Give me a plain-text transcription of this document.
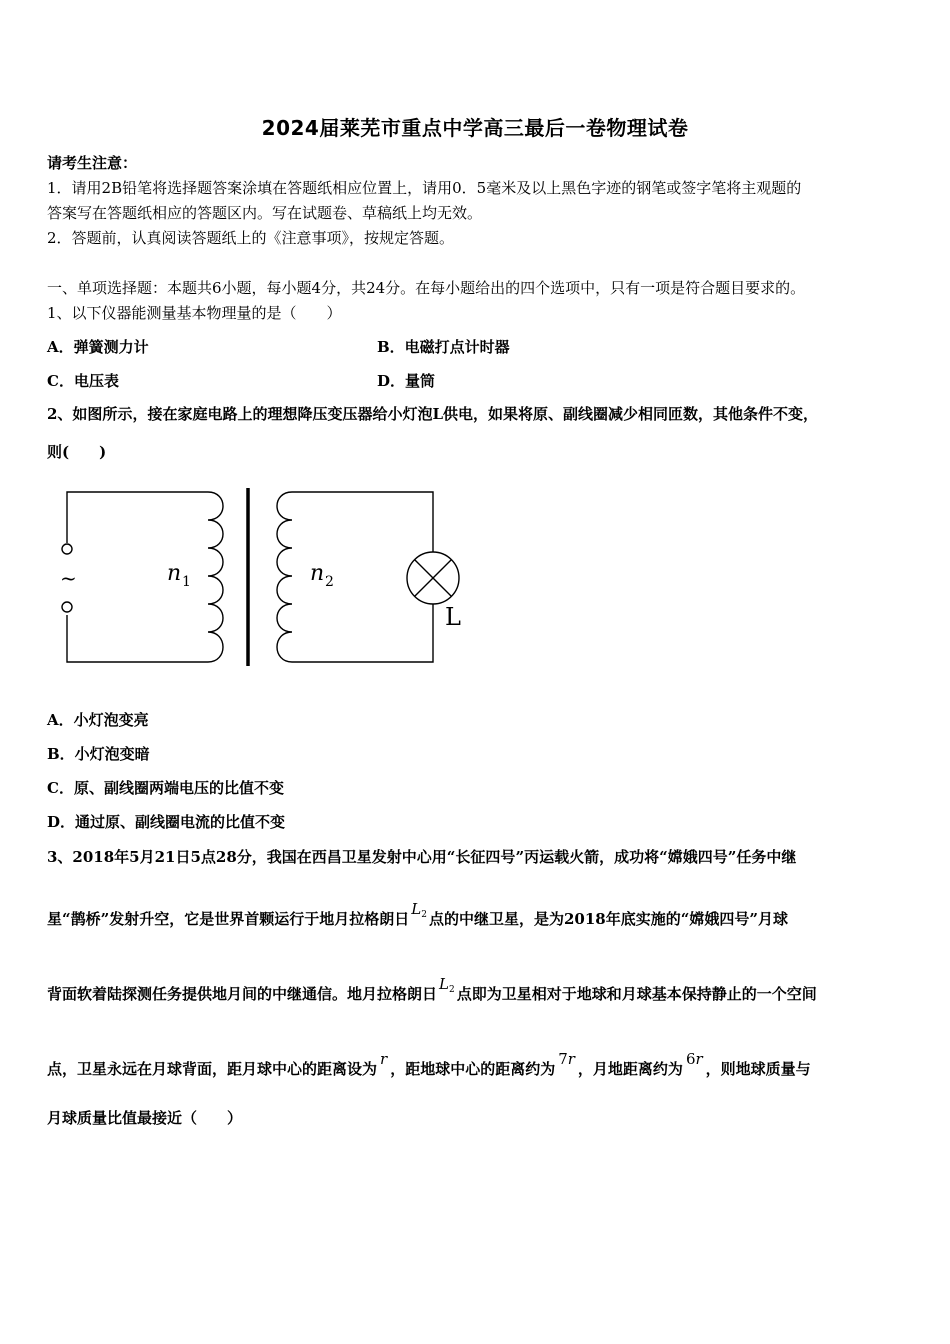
2024届莱芜市重点中学高三最后一卷物理试卷
请考生注意：
1．请用2B铅笔将选择题答案涂填在答题纸相应位置上，请用0．5毫米及以上黑色字迹的钢笔或签字笔将主观题的
答案写在答题纸相应的答题区内。写在试题卷、草稿纸上均无效。
2．答题前，认真阅读答题纸上的《注意事项》，按规定答题。
一、单项选择题：本题共6小题，每小题4分，共24分。在每小题给出的四个选项中，只有一项是符合题目要求的。
1、以下仪器能测量基本物理量的是（　　）
A．弹簧测力计	B．电磁打点计时器
C．电压表	D．量筒
2、如图所示，接在家庭电路上的理想降压变压器给小灯泡L供电，如果将原、副线圈减少相同匝数，其他条件不变，
则(　　)
~	n 1	n 2
L
A．小灯泡变亮
B．小灯泡变暗
C．原、副线圈两端电压的比值不变
D．通过原、副线圈电流的比值不变
3、2018年5月21日5点28分，我国在西昌卫星发射中心用“长征四号”丙运载火箭，成功将“嫦娥四号”任务中继
星“鹊桥”发射升空，它是世界首颗运行于地月拉格朗日$L_2$ 点的中继卫星，是为2018年底实施的“嫦娥四号”月球
背面软着陆探测任务提供地月间的中继通信。地月拉格朗日$L_2$ 点即为卫星相对于地球和月球基本保持静止的一个空间
点，卫星永远在月球背面，距月球中心的距离设为r，距地球中心的距离约为7r，月地距离约为6r，则地球质量与
月球质量比值最接近（　　）
